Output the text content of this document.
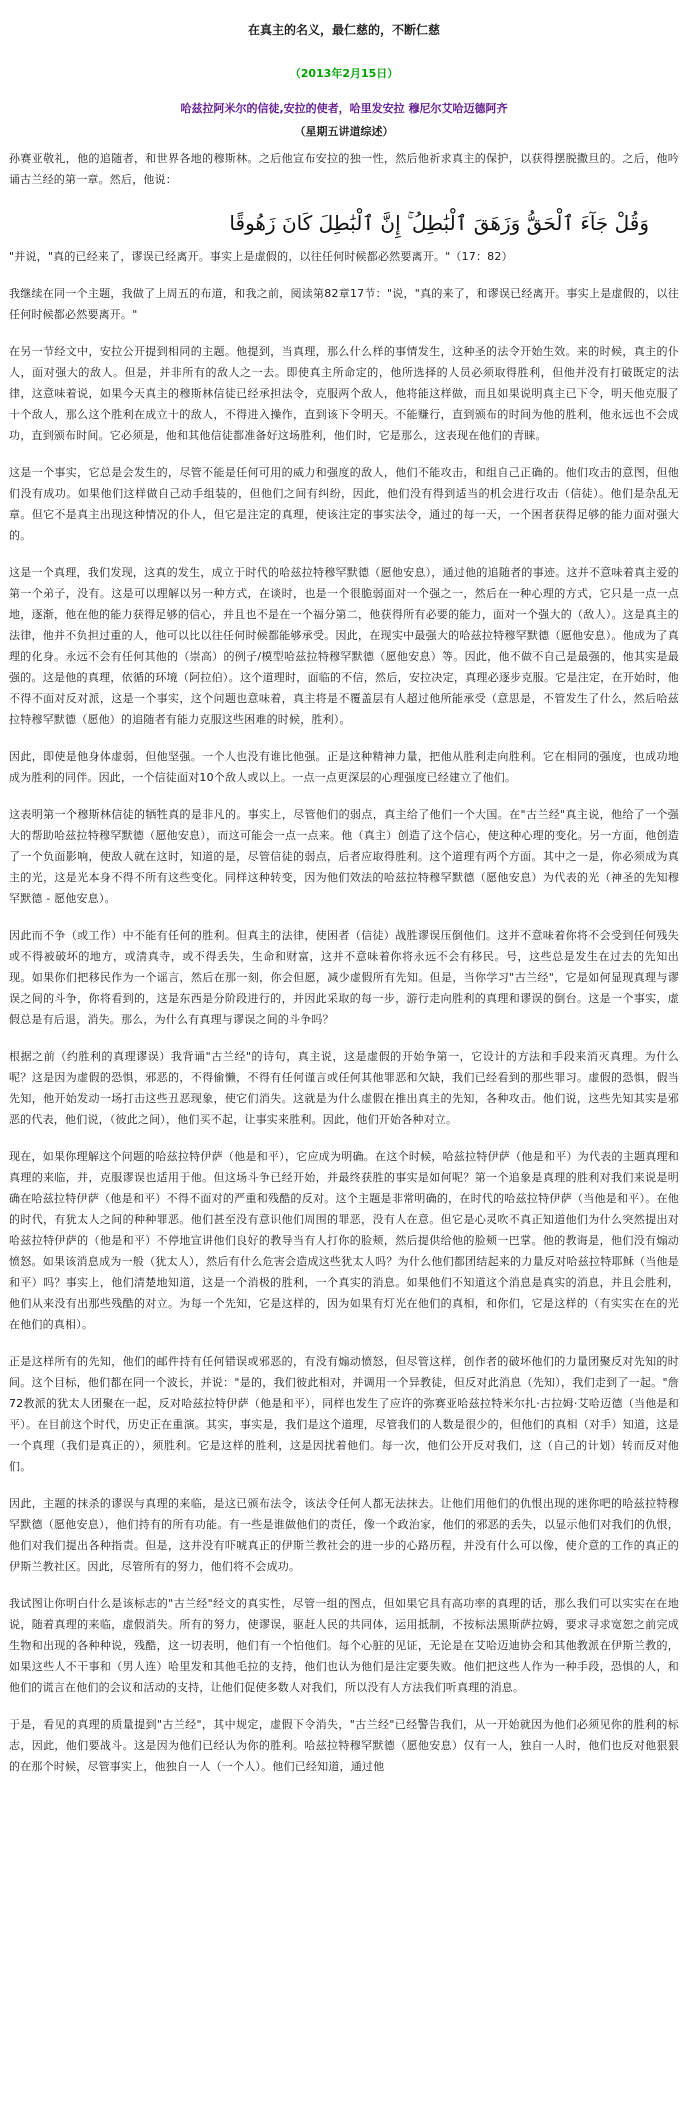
在真主的名义，最仁慈的，不断仁慈
（2013年2月15日）
哈兹拉阿米尔的信徒,安拉的使者，哈里发安拉 穆尼尔艾哈迈德阿齐
（星期五讲道综述）

孙赛亚敬礼，他的追随者，和世界各地的穆斯林。之后他宣布安拉的独一性，然后他祈求真主的保护，以获得摆脱撒旦的。之后，他吟诵古兰经的第一章。然后，他说：

وَقُلْ جَآءَ ٱلْحَقُّ وَزَهَقَ ٱلْبَٰطِلُ ۚ إِنَّ ٱلْبَٰطِلَ كَانَ زَهُوقًا

"并说，"真的已经来了，谬误已经离开。事实上是虚假的，以往任何时候都必然要离开。"（17：82）

我继续在同一个主题，我做了上周五的布道，和我之前，阅读第82章17节："说，"真的来了，和谬误已经离开。事实上是虚假的，以往任何时候都必然要离开。"

在另一节经文中，安拉公开提到相同的主题。他提到，当真理，那么什么样的事情发生，这种圣的法令开始生效。来的时候，真主的仆人，面对强大的敌人。但是，并非所有的敌人之一去。即使真主所命定的，他所选择的人员必须取得胜利，但他并没有打破既定的法律，这意味着说，如果今天真主的穆斯林信徒已经承担法令，克服两个敌人，他将能这样做，而且如果说明真主已下令，明天他克服了十个敌人，那么这个胜利在成立十的敌人，不得进入操作，直到该下令明天。不能赚行，直到颁布的时间为他的胜利，他永远也不会成功，直到颁布时间。它必须是，他和其他信徒都准备好这场胜利，他们时，它是那么，这表现在他们的青睐。

这是一个事实，它总是会发生的，尽管不能是任何可用的威力和强度的敌人，他们不能攻击，和组自己正确的。他们攻击的意图，但他们没有成功。如果他们这样做自己动手组装的，但他们之间有纠纷，因此，他们没有得到适当的机会进行攻击（信徒）。他们是杂乱无章。但它不是真主出现这种情况的仆人，但它是注定的真理，使该注定的事实法令，通过的每一天，一个困者获得足够的能力面对强大的。

这是一个真理，我们发现，这真的发生，成立于时代的哈兹拉特穆罕默德（愿他安息），通过他的追随者的事迹。这并不意味着真主爱的第一个弟子，没有。这是可以理解以另一种方式，在谈时，也是一个很脆弱面对一个强之一，然后在一种心理的方式，它只是一点一点地，逐渐，他在他的能力获得足够的信心，并且也不是在一个福分第二，他获得所有必要的能力，面对一个强大的（敌人）。这是真主的法律，他并不负担过重的人，他可以比以往任何时候都能够承受。因此，在现实中最强大的哈兹拉特穆罕默德（愿他安息）。他成为了真理的化身。永远不会有任何其他的（崇高）的例子/模型哈兹拉特穆罕默德（愿他安息）等。因此，他不做不自己是最强的，他其实是最强的。这是他的真理，依循的环境（阿拉伯）。这个道理时，面临的不信，然后，安拉决定，真理必逐步克服。它是注定，在开始时，他不得不面对反对派，这是一个事实，这个问题也意味着，真主将是不覆盖层有人超过他所能承受（意思是，不管发生了什么，然后哈兹拉特穆罕默德（愿他）的追随者有能力克服这些困难的时候，胜利）。

因此，即使是他身体虚弱，但他坚强。一个人也没有谁比他强。正是这种精神力量，把他从胜利走向胜利。它在相同的强度，也成功地成为胜利的同伴。因此，一个信徒面对10个敌人或以上。一点一点更深层的心理强度已经建立了他们。

这表明第一个穆斯林信徒的牺牲真的是非凡的。事实上，尽管他们的弱点，真主给了他们一个大国。在"古兰经"真主说，他给了一个强大的帮助哈兹拉特穆罕默德（愿他安息），而这可能会一点一点来。他（真主）创造了这个信心，使这种心理的变化。另一方面，他创造了一个负面影响，使敌人就在这时，知道的是，尽管信徒的弱点，后者应取得胜利。这个道理有两个方面。其中之一是，你必须成为真主的光，这是光本身不得不所有这些变化。同样这种转变，因为他们效法的哈兹拉特穆罕默德（愿他安息）为代表的光（神圣的先知穆罕默德 - 愿他安息）。

因此而不争（或工作）中不能有任何的胜利。但真主的法律，使困者（信徒）战胜谬误压倒他们。这并不意味着你将不会受到任何残失或不得被破坏的地方，或清真寺，或不得丢失，生命和财富，这并不意味着你将永远不会有移民。号，这些总是发生在过去的先知出现。如果你们把移民作为一个谣言，然后在那一刻，你会但愿，减少虚假所有先知。但是，当你学习"古兰经"，它是如何显现真理与谬误之间的斗争，你将看到的，这是东西是分阶段进行的，并因此采取的每一步，游行走向胜利的真理和谬误的倒台。这是一个事实，虚假总是有后退，消失。那么，为什么有真理与谬误之间的斗争吗？

根据之前（约胜利的真理谬误）我背诵"古兰经"的诗句，真主说，这是虚假的开始争第一，它设计的方法和手段来消灭真理。为什么呢？这是因为虚假的恐惧，邪恶的，不得偷懒，不得有任何谨言或任何其他罪恶和欠缺，我们已经看到的那些罪习。虚假的恐惧，假当先知，他开始发动一场打击这些丑恶现象，使它们消失。这就是为什么虚假在推出真主的先知，各种攻击。他们说，这些先知其实是邪恶的代表，他们说，（彼此之间），他们买不起，让事实来胜利。因此，他们开始各种对立。

现在，如果你理解这个问题的哈兹拉特伊萨（他是和平），它应成为明确。在这个时候，哈兹拉特伊萨（他是和平）为代表的主题真理和真理的来临，并，克服谬误也适用于他。但这场斗争已经开始，并最终获胜的事实是如何呢？第一个追象是真理的胜利对我们来说是明确在哈兹拉特伊萨（他是和平）不得不面对的严重和残酷的反对。这个主题是非常明确的，在时代的哈兹拉特伊萨（当他是和平）。在他的时代，有犹太人之间的种种罪恶。他们甚至没有意识他们周围的罪恶，没有人在意。但它是心灵吹不真正知道他们为什么突然提出对哈兹拉特伊萨的（他是和平）不停地宣讲他们良好的教导当有人打你的脸颊，然后提供给他的脸颊一巴掌。他的教诲是，他们没有煽动愤怒。如果该消息成为一般（犹太人），然后有什么危害会造成这些犹太人吗？为什么他们都团结起来的力量反对哈兹拉特耶稣（当他是和平）吗？事实上，他们清楚地知道，这是一个消极的胜利，一个真实的消息。如果他们不知道这个消息是真实的消息，并且会胜利，他们从来没有出那些残酷的对立。为每一个先知，它是这样的，因为如果有灯光在他们的真相，和你们，它是这样的（有实实在在的光在他们的真相）。

正是这样所有的先知，他们的邮件持有任何错误或邪恶的，有没有煽动愤怒，但尽管这样，创作者的破坏他们的力量团聚反对先知的时间。这个目标，他们都在同一个波长，并说："是的，我们彼此相对，并调用一个异教徒，但反对此消息（先知），我们走到了一起。"詹72教派的犹太人团聚在一起，反对哈兹拉特伊萨（他是和平），同样也发生了应许的弥赛亚哈兹拉特米尔扎·古拉姆·艾哈迈德（当他是和平）。在目前这个时代，历史正在重演。其实，事实是，我们是这个道理，尽管我们的人数是很少的，但他们的真相（对手）知道，这是一个真理（我们是真正的），须胜利。它是这样的胜利，这是因扰着他们。每一次，他们公开反对我们，这（自己的计划）转而反对他们。

因此，主题的抹杀的谬误与真理的来临，是这已颁布法令，该法令任何人都无法抹去。让他们用他们的仇恨出现的迷你吧的哈兹拉特穆罕默德（愿他安息），他们持有的所有功能。有一些是谁做他们的责任，像一个政治家，他们的邪恶的丢失，以显示他们对我们的仇恨，他们对我们提出各种指责。但是，这并没有吓唬真正的伊斯兰教社会的进一步的心路历程，并没有什么可以像，使介意的工作的真正的伊斯兰教社区。因此，尽管所有的努力，他们将不会成功。

我试图让你明白什么是该标志的"古兰经"经文的真实性，尽管一组的图点，但如果它具有高功率的真理的话，那么我们可以实实在在地说，随着真理的来临，虚假消失。所有的努力，使谬误，驱赶人民的共同体，运用抵制，不按标法黑斯萨拉姆，要求寻求宽恕之前完成生物和出现的各种种说，残酷，这一切表明，他们有一个怕他们。每个心脏的见证，无论是在艾哈迈迪协会和其他教派在伊斯兰教的，如果这些人不干事和（男人连）哈里发和其他毛拉的支持，他们也认为他们是注定要失败。他们把这些人作为一种手段，恐惧的人，和他们的谎言在他们的会议和活动的支持，让他们促使多数人对我们，所以没有人方法我们听真理的消息。

于是，看见的真理的质量提到"古兰经"，其中规定，虚假下令消失，"古兰经"已经警告我们，从一开始就因为他们必须见你的胜利的标志，因此，他们要战斗。这是因为他们已经认为你的胜利。哈兹拉特穆罕默德（愿他安息）仅有一人，独自一人时，他们也反对他狠狠的在那个时候，尽管事实上，他独自一人（一个人）。他们已经知道，通过他
